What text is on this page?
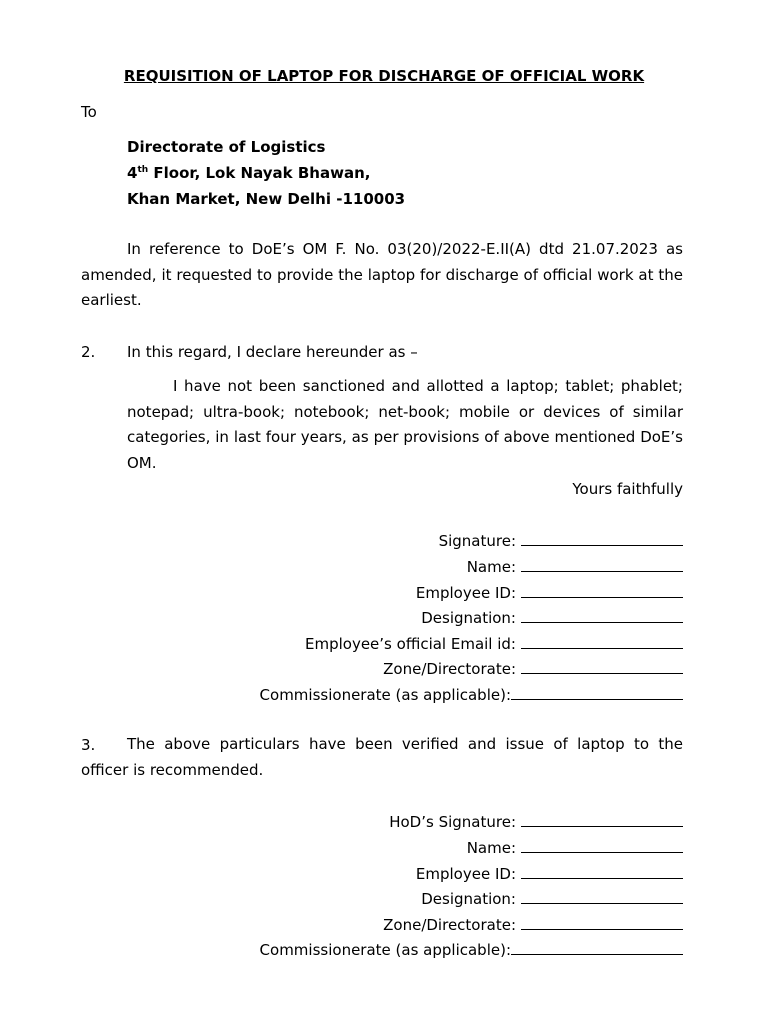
REQUISITION OF LAPTOP FOR DISCHARGE OF OFFICIAL WORK
To
Directorate of Logistics
4th Floor, Lok Nayak Bhawan,
Khan Market, New Delhi -110003

In reference to DoE’s OM F. No. 03(20)/2022-E.II(A) dtd 21.07.2023 as amended, it requested to provide the laptop for discharge of official work at the earliest.

2. In this regard, I declare hereunder as –

I have not been sanctioned and allotted a laptop; tablet; phablet; notepad; ultra-book; notebook; net-book; mobile or devices of similar categories, in last four years, as per provisions of above mentioned DoE’s OM.

Yours faithfully
Signature:
Name:
Employee ID:
Designation:
Employee’s official Email id:
Zone/Directorate:
Commissionerate (as applicable):
3.	The above particulars have been verified and issue of laptop to the officer is recommended.

HoD’s Signature:
Name:
Employee ID:
Designation:
Zone/Directorate:
Commissionerate (as applicable):
